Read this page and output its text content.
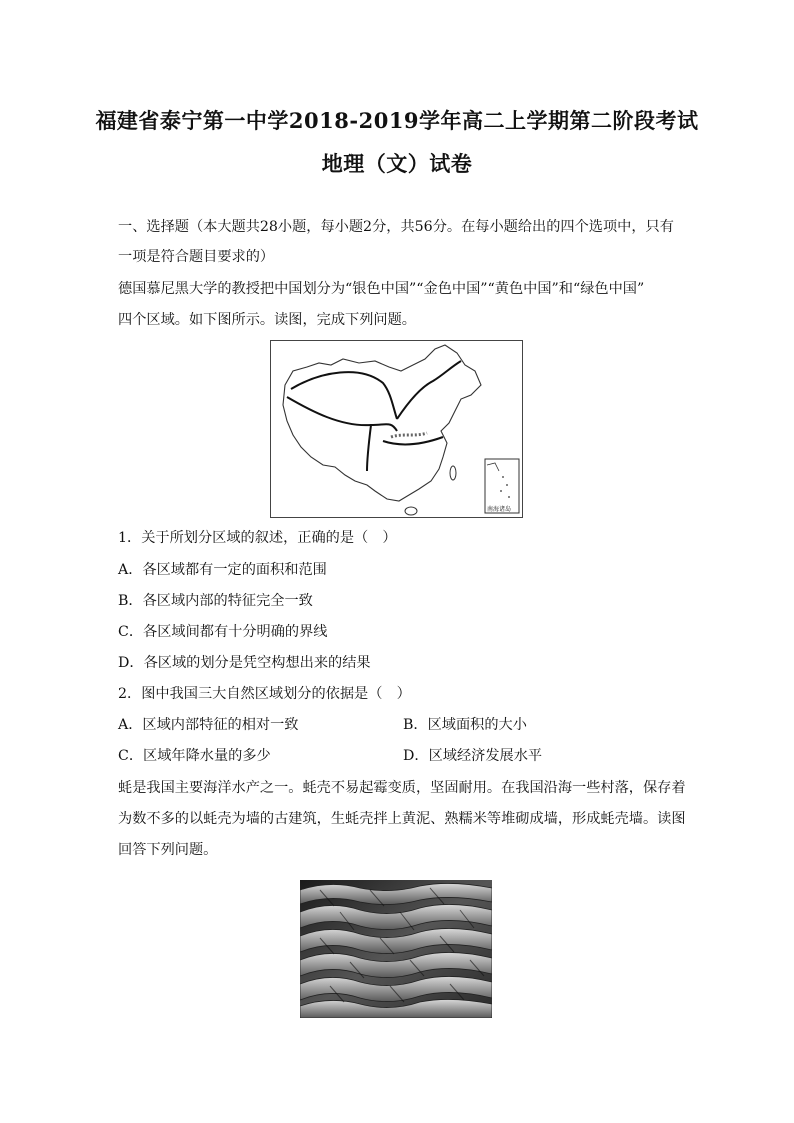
福建省泰宁第一中学2018-2019学年高二上学期第二阶段考试
地理（文）试卷
一、选择题（本大题共28小题，每小题2分，共56分。在每小题给出的四个选项中，只有
一项是符合题目要求的）
德国慕尼黑大学的教授把中国划分为“银色中国”“金色中国”“黄色中国”和“绿色中国”
四个区域。如下图所示。读图，完成下列问题。
南海诸岛
1．关于所划分区域的叙述，正确的是（　）
A．各区域都有一定的面积和范围
B．各区域内部的特征完全一致
C．各区域间都有十分明确的界线
D．各区域的划分是凭空构想出来的结果
2．图中我国三大自然区域划分的依据是（　）
A．区域内部特征的相对一致	B．区域面积的大小
C．区域年降水量的多少	D．区域经济发展水平
蚝是我国主要海洋水产之一。蚝壳不易起霉变质，坚固耐用。在我国沿海一些村落，保存着
为数不多的以蚝壳为墙的古建筑，生蚝壳拌上黄泥、熟糯米等堆砌成墙，形成蚝壳墙。读图
回答下列问题。
